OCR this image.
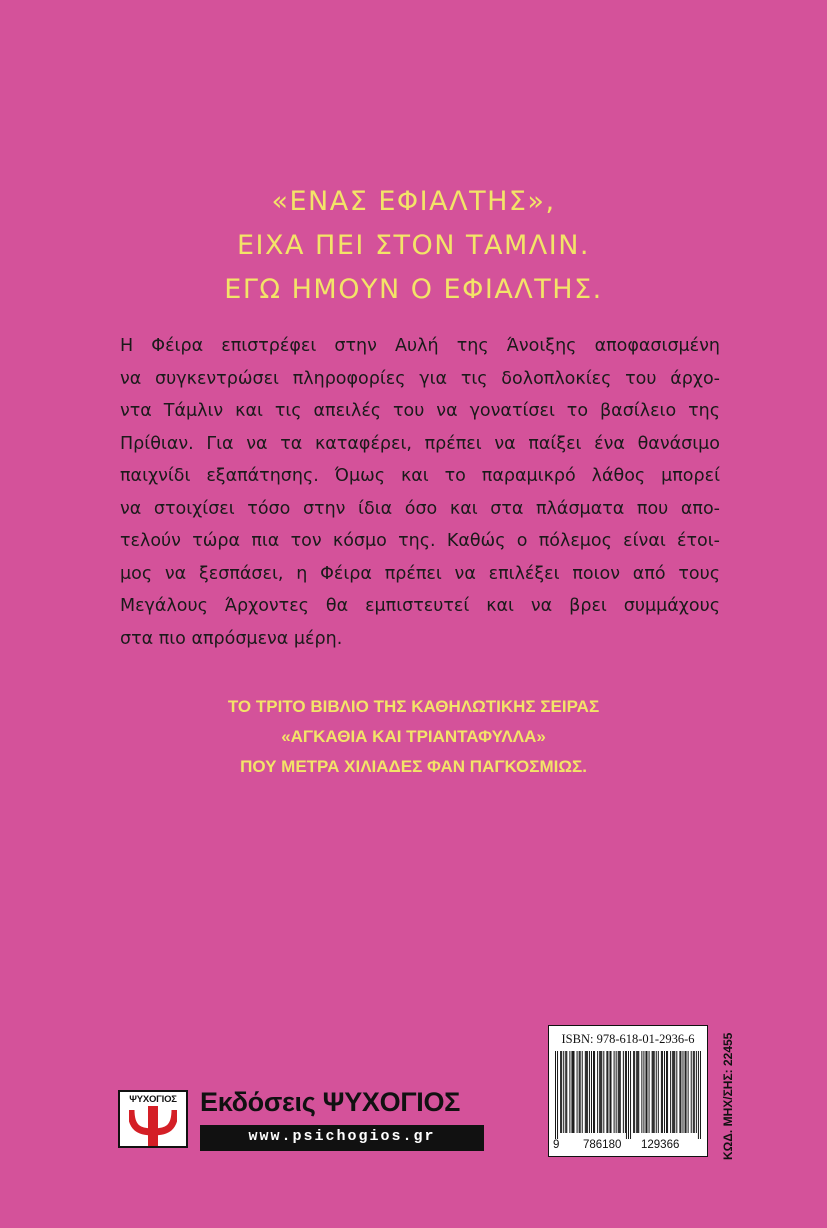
«ΕΝΑΣ ΕΦΙΑΛΤΗΣ»,
ΕΙΧΑ ΠΕΙ ΣΤΟΝ ΤΑΜΛΙΝ.
ΕΓΩ ΗΜΟΥΝ Ο ΕΦΙΑΛΤΗΣ.
Η Φέιρα επιστρέφει στην Αυλή της Άνοιξης αποφασισμένη
να συγκεντρώσει πληροφορίες για τις δολοπλοκίες του άρχο-
ντα Τάμλιν και τις απειλές του να γονατίσει το βασίλειο της
Πρίθιαν. Για να τα καταφέρει, πρέπει να παίξει ένα θανάσιμο
παιχνίδι εξαπάτησης. Όμως και το παραμικρό λάθος μπορεί
να στοιχίσει τόσο στην ίδια όσο και στα πλάσματα που απο-
τελούν τώρα πια τον κόσμο της. Καθώς ο πόλεμος είναι έτοι-
μος να ξεσπάσει, η Φέιρα πρέπει να επιλέξει ποιον από τους
Μεγάλους Άρχοντες θα εμπιστευτεί και να βρει συμμάχους
στα πιο απρόσμενα μέρη.
ΤΟ ΤΡΙΤΟ ΒΙΒΛΙΟ ΤΗΣ ΚΑΘΗΛΩΤΙΚΗΣ ΣΕΙΡΑΣ
«ΑΓΚΑΘΙΑ ΚΑΙ ΤΡΙΑΝΤΑΦΥΛΛΑ»
ΠΟΥ ΜΕΤΡΑ ΧΙΛΙΑΔΕΣ ΦΑΝ ΠΑΓΚΟΣΜΙΩΣ.
ΨΥΧΟΓΙΟΣ Εκδόσεις ΨΥΧΟΓΙΟΣ
www.psichogios.gr
ISBN: 978-618-01-2936-6
9 786180 129366	ΚΩΔ. ΜΗΧ/ΣΗΣ: 22455
